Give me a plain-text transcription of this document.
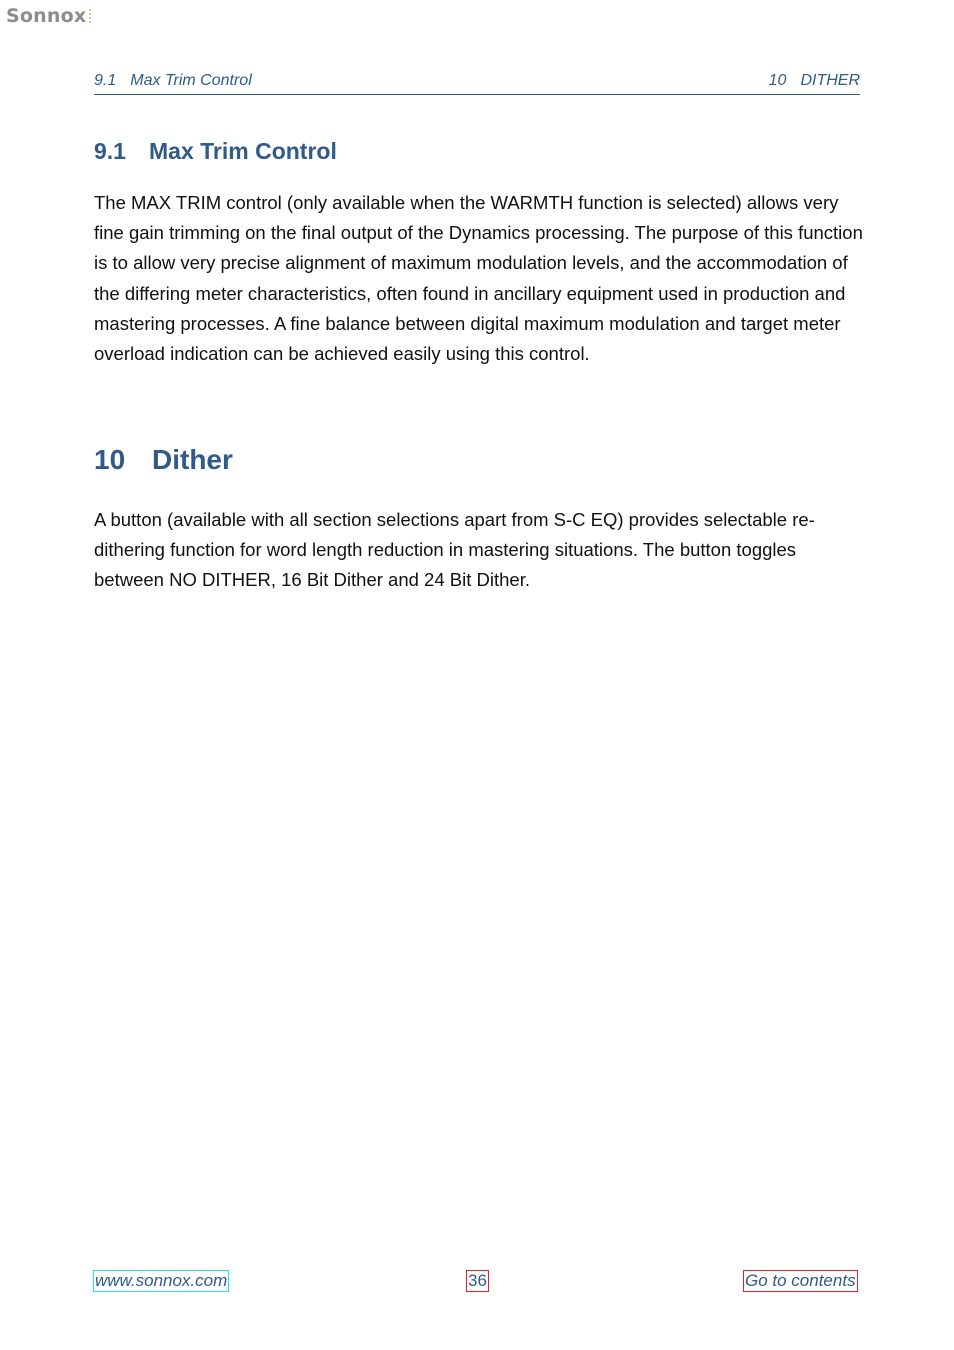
Sonnox
9.1 Max Trim Control	10 DITHER
9.1 Max Trim Control

The MAX TRIM control (only available when the WARMTH function is selected) allows very fine gain trimming on the final output of the Dynamics processing. The purpose of this function is to allow very precise alignment of maximum modulation levels, and the accommodation of the differing meter characteristics, often found in ancillary equipment used in production and mastering processes. A fine balance between digital maximum modulation and target meter overload indication can be achieved easily using this control.

10 Dither

A button (available with all section selections apart from S-C EQ) provides selectable re-dithering function for word length reduction in mastering situations. The button toggles between NO DITHER, 16 Bit Dither and 24 Bit Dither.

www.sonnox.com	36	Go to contents
